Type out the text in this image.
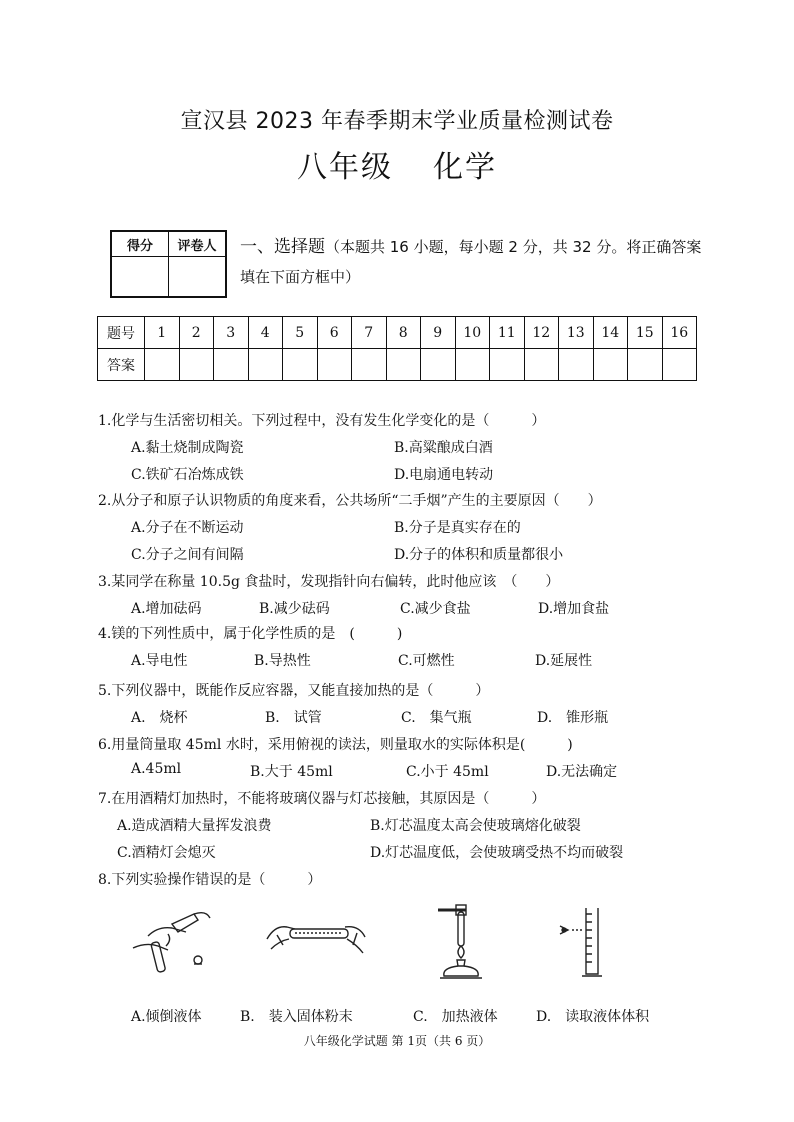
宣汉县 2023 年春季期末学业质量检测试卷
八年级 化学
得分	评卷人
	一、选择题（本题共 16 小题，每小题 2 分，共 32 分。将正确答案填在下面方框中）
题号	1	2	3	4	5	6	7	8	9	10	11	12	13	14	15	16
答案																
1.化学与生活密切相关。下列过程中，没有发生化学变化的是（　　　）
A.黏土烧制成陶瓷	B.高粱酿成白酒
C.铁矿石冶炼成铁	D.电扇通电转动
2.从分子和原子认识物质的角度来看，公共场所“二手烟”产生的主要原因（　　）
A.分子在不断运动	B.分子是真实存在的
C.分子之间有间隔	D.分子的体积和质量都很小
3.某同学在称量 10.5g 食盐时，发现指针向右偏转，此时他应该　（　　）
A.增加砝码	B.减少砝码	C.减少食盐	D.增加食盐
4.镁的下列性质中，属于化学性质的是　(　　　)
A.导电性	B.导热性	C.可燃性	D.延展性
5.下列仪器中，既能作反应容器，又能直接加热的是（　　　）
A.　烧杯	B.　试管	C.　集气瓶	D.　锥形瓶
6.用量筒量取 45ml 水时，采用俯视的读法，则量取水的实际体积是(　　　)
A.45ml	B.大于 45ml	C.小于 45ml	D.无法确定
7.在用酒精灯加热时，不能将玻璃仪器与灯芯接触，其原因是（　　　）
A.造成酒精大量挥发浪费	B.灯芯温度太高会使玻璃熔化破裂
C.酒精灯会熄灭	D.灯芯温度低，会使玻璃受热不均而破裂
8.下列实验操作错误的是（　　　）
A.倾倒液体	B.　装入固体粉末	C.　加热液体	D.　读取液体体积
八年级化学试题 第 1页（共 6 页）
